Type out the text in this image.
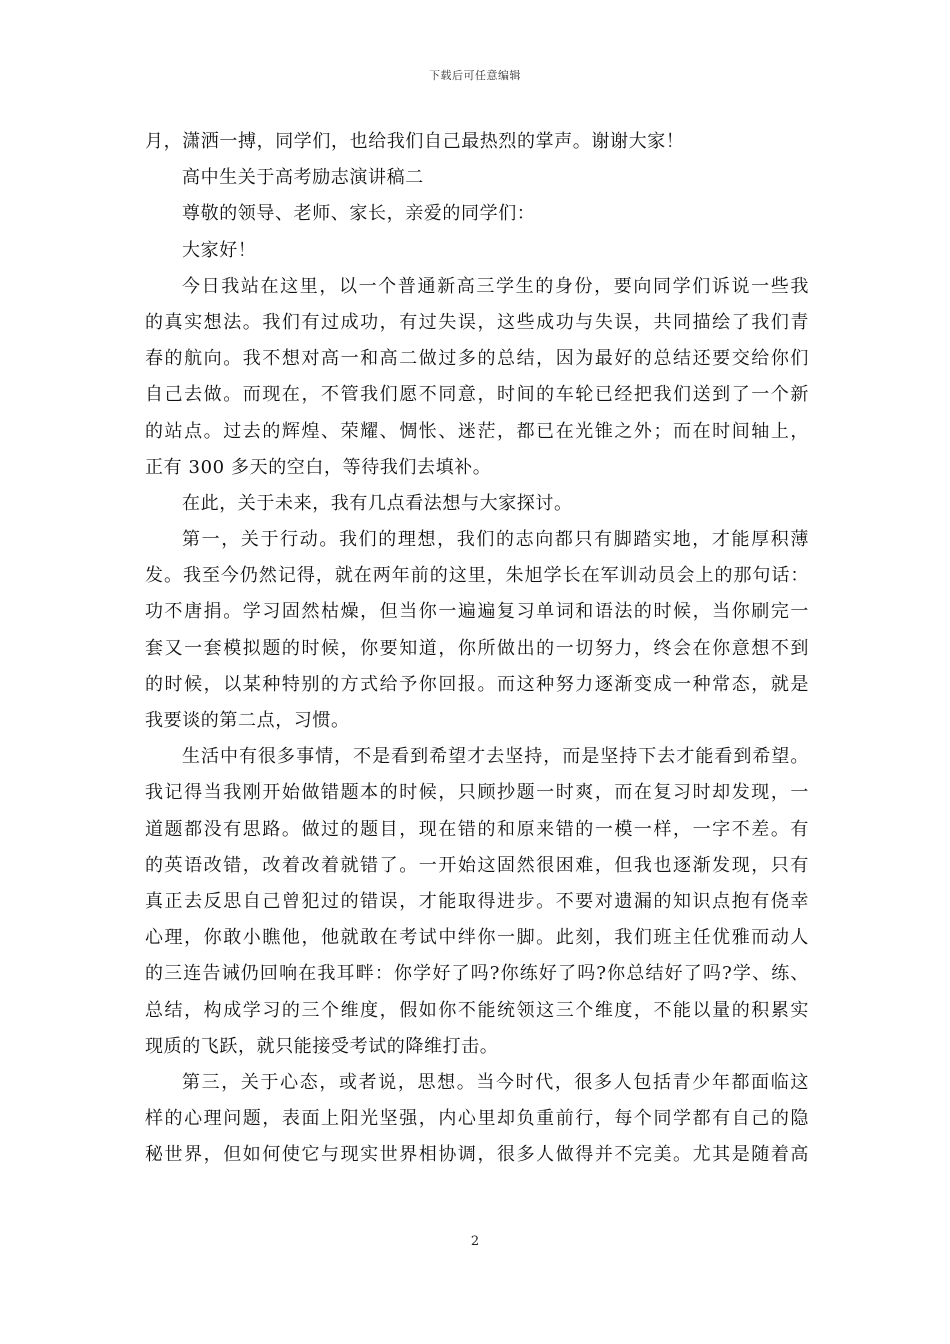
下载后可任意编辑
月，潇洒一搏，同学们，也给我们自己最热烈的掌声。谢谢大家！
高中生关于高考励志演讲稿二
尊敬的领导、老师、家长，亲爱的同学们：
大家好！
今日我站在这里，以一个普通新高三学生的身份，要向同学们诉说一些我
的真实想法。我们有过成功，有过失误，这些成功与失误，共同描绘了我们青
春的航向。我不想对高一和高二做过多的总结，因为最好的总结还要交给你们
自己去做。而现在，不管我们愿不同意，时间的车轮已经把我们送到了一个新
的站点。过去的辉煌、荣耀、惆怅、迷茫，都已在光锥之外；而在时间轴上，
正有 300 多天的空白，等待我们去填补。
在此，关于未来，我有几点看法想与大家探讨。
第一，关于行动。我们的理想，我们的志向都只有脚踏实地，才能厚积薄
发。我至今仍然记得，就在两年前的这里，朱旭学长在军训动员会上的那句话：
功不唐捐。学习固然枯燥，但当你一遍遍复习单词和语法的时候，当你刷完一
套又一套模拟题的时候，你要知道，你所做出的一切努力，终会在你意想不到
的时候，以某种特别的方式给予你回报。而这种努力逐渐变成一种常态，就是
我要谈的第二点，习惯。
生活中有很多事情，不是看到希望才去坚持，而是坚持下去才能看到希望。
我记得当我刚开始做错题本的时候，只顾抄题一时爽，而在复习时却发现，一
道题都没有思路。做过的题目，现在错的和原来错的一模一样，一字不差。有
的英语改错，改着改着就错了。一开始这固然很困难，但我也逐渐发现，只有
真正去反思自己曾犯过的错误，才能取得进步。不要对遗漏的知识点抱有侥幸
心理，你敢小瞧他，他就敢在考试中绊你一脚。此刻，我们班主任优雅而动人
的三连告诫仍回响在我耳畔：你学好了吗?你练好了吗?你总结好了吗?学、练、
总结，构成学习的三个维度，假如你不能统领这三个维度，不能以量的积累实
现质的飞跃，就只能接受考试的降维打击。
第三，关于心态，或者说，思想。当今时代，很多人包括青少年都面临这
样的心理问题，表面上阳光坚强，内心里却负重前行，每个同学都有自己的隐
秘世界，但如何使它与现实世界相协调，很多人做得并不完美。尤其是随着高
2
